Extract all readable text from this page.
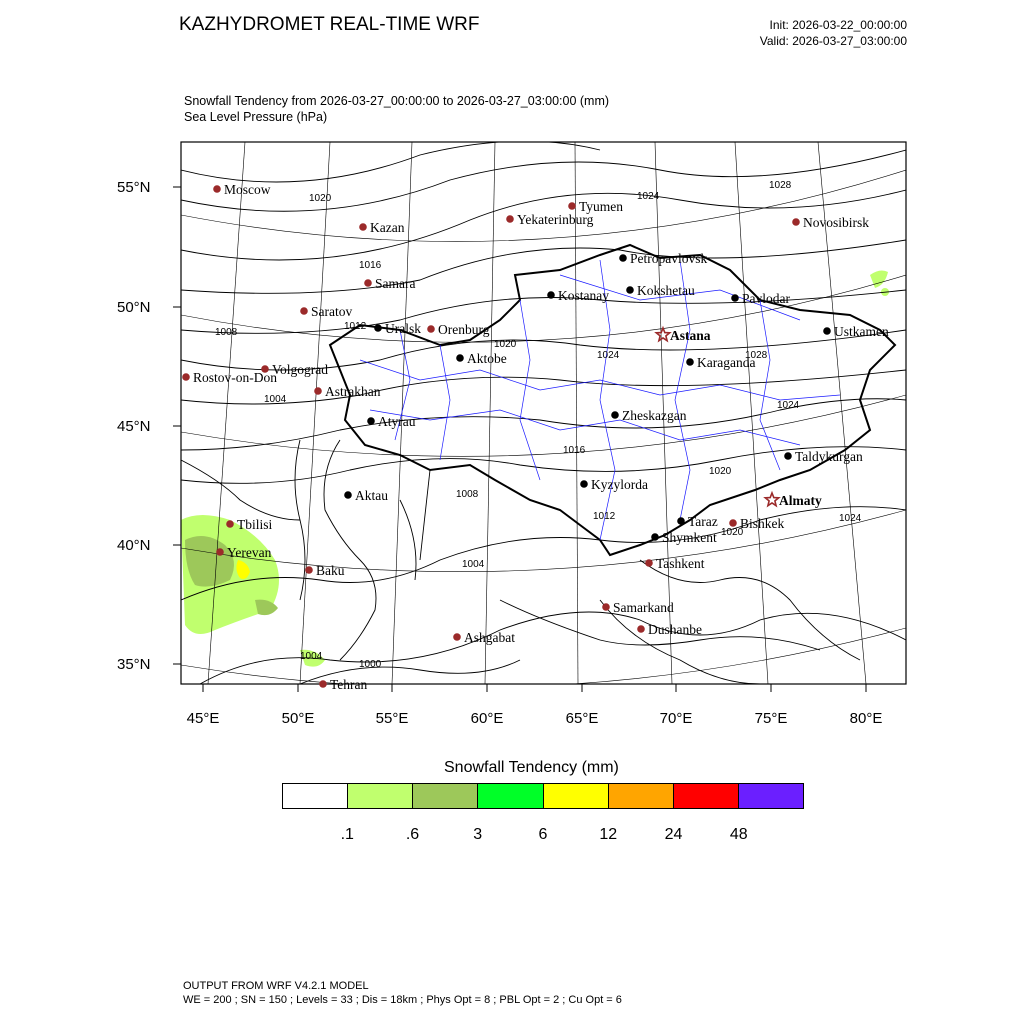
KAZHYDROMET REAL-TIME WRF	Init: 2026-03-22_00:00:00
Valid: 2026-03-27_03:00:00
Snowfall Tendency from 2026-03-27_00:00:00 to 2026-03-27_03:00:00 (mm)
Sea Level Pressure (hPa)
55°N
50°N
45°N
40°N
35°N
45°E	50°E	55°E	60°E	65°E	70°E	75°E	80°E
1020	1024
1028
1016
1012
1008
1004
1020
1024	1028
1024
1016
1020
1008
1012
1020
1024
1004
1004
1000
Moscow
Kazan
Tyumen
Yekaterinburg	Novosibirsk
Samara
Saratov
Orenburg
Volgograd
Rostov-on-Don
Astrakhan
Tbilisi
Yerevan
Baku
Ashgabat
Tehran
Samarkand
Dushanbe
Tashkent
Bishkek
Petropavlovsk
Kostanay Kokshetau
Pavlodar
Astana	Ustkamen
Uralsk
Aktobe	Karaganda
Zheskazgan
Atyrau
Taldykurgan
Kyzylorda
Aktau	Almaty
Taraz
Shymkent
Snowfall Tendency (mm)
.1	.6	3	6	12	24	48
OUTPUT FROM WRF V4.2.1 MODEL
WE = 200 ; SN = 150 ; Levels = 33 ; Dis = 18km ; Phys Opt = 8 ; PBL Opt = 2 ; Cu Opt = 6
